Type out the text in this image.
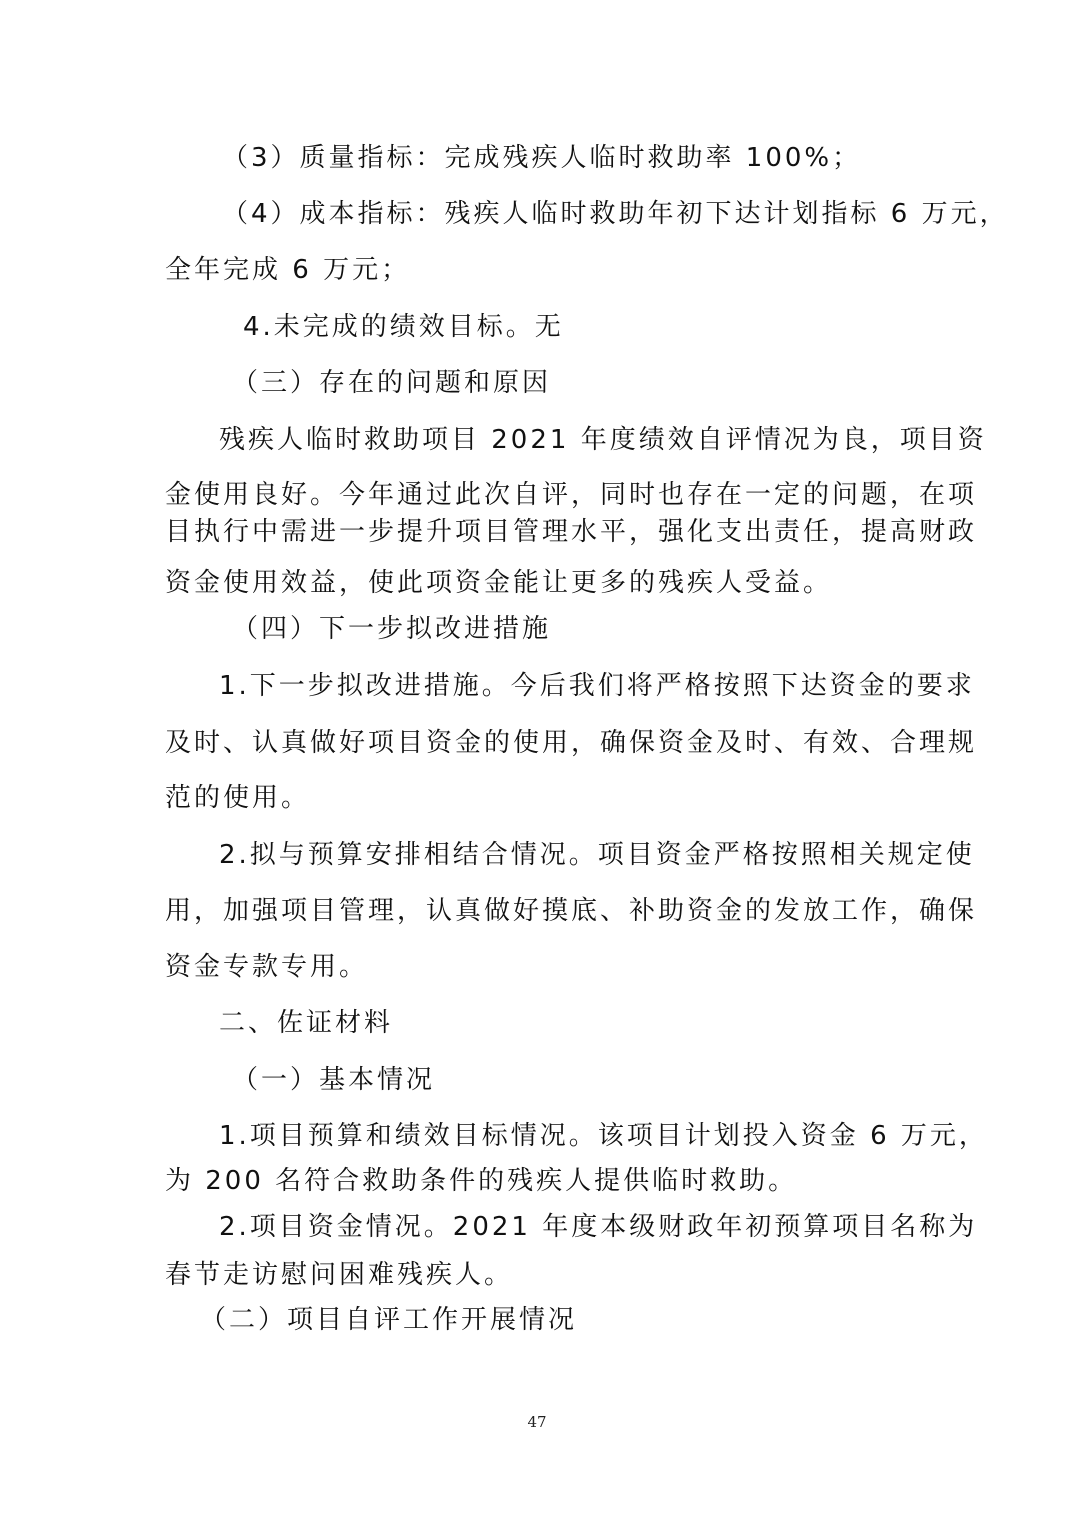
（3）质量指标：完成残疾人临时救助率 100%；
（4）成本指标：残疾人临时救助年初下达计划指标 6 万元，
全年完成 6 万元；
4.未完成的绩效目标。无
（三）存在的问题和原因
残疾人临时救助项目 2021 年度绩效自评情况为良，项目资
金使用良好。今年通过此次自评，同时也存在一定的问题，在项
目执行中需进一步提升项目管理水平，强化支出责任，提高财政
资金使用效益，使此项资金能让更多的残疾人受益。
（四）下一步拟改进措施
1.下一步拟改进措施。今后我们将严格按照下达资金的要求
及时、认真做好项目资金的使用，确保资金及时、有效、合理规
范的使用。
2.拟与预算安排相结合情况。项目资金严格按照相关规定使
用，加强项目管理，认真做好摸底、补助资金的发放工作，确保
资金专款专用。
二、佐证材料
（一）基本情况
1.项目预算和绩效目标情况。该项目计划投入资金 6 万元，
为 200 名符合救助条件的残疾人提供临时救助。
2.项目资金情况。2021 年度本级财政年初预算项目名称为
春节走访慰问困难残疾人。
（二）项目自评工作开展情况
47
